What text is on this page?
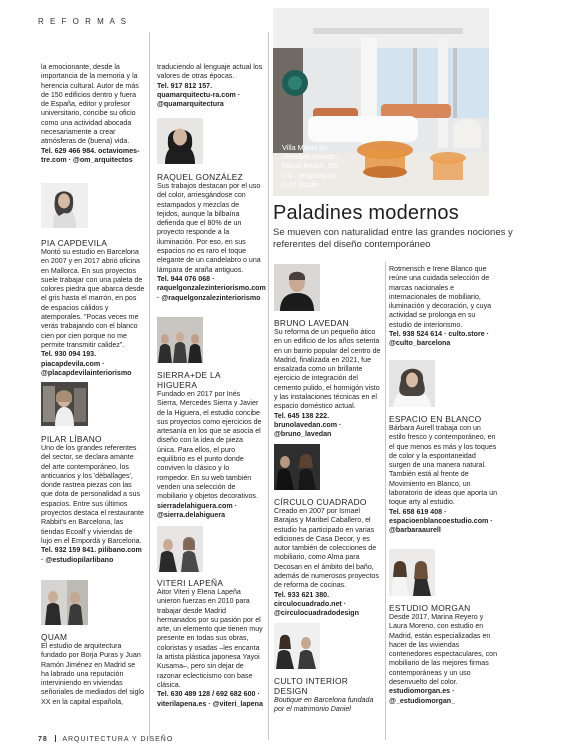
R E F O R M A S

la emocionante, desde la importancia de la memoria y la herencia cultural. Autor de más de 150 edificios dentro y fuera de España, editor y profesor universitario, concibe su oficio como una actividad abocada necesariamente a crear atmósferas de (buena) vida.

Tel. 629 466 984. octaviomes-tre.com · @om_arquitectos

PIA CAPDEVILA

Montó su estudio en Barcelona en 2007 y en 2017 abrió oficina en Mallorca. En sus proyectos suele trabajar con una paleta de colores piedra que abarca desde el gris hasta el marrón, en pos de espacios cálidos y atemporales. "Pocas veces me verás trabajando con el blanco cien por cien porque no me permite transmitir calidez".

Tel. 930 094 193. piacapdevila.com · @placapdevilainteriorismo

PILAR LÍBANO

Uno de los grandes referentes del sector, se declara amante del arte contemporáneo, los anticuarios y los 'dèballages', donde rastrea piezas con las que dota de personalidad a sus espacios. Entre sus últimos proyectos destaca el restaurante Rabbit's en Barcelona, las tiendas Ecoalf y viviendas de lujo en el Empordà y Barcelona.

Tel. 932 159 841. pilibano.com · @estudiopilarlibano

QUAM

El estudio de arquitectura fundado por Borja Puras y Juan Ramón Jiménez en Madrid se ha labrado una reputación interviniendo en viviendas señoriales de mediados del siglo XX en la capital española,

traduciendo al lenguaje actual los valores de otras épocas.

Tel. 917 812 157. quamarquitectu-ra.com · @quamarquitectura

RAQUEL GONZÁLEZ

Sus trabajos destacan por el uso del color, arriesgándose con estampados y mezclas de tejidos, aunque la bilbaína defienda que el 80% de un proyecto responde a la iluminación. Por eso, en sus espacios no es raro el toque elegante de un candelabro o una lámpara de araña antiguos.

Tel. 944 076 068 · raquelgonzalezinteriorismo.com · @raquelgonzalezinteriorismo

SIERRA+DE LA HIGUERA

Fundado en 2017 por Inés Sierra, Mercedes Sierra y Javier de la Higuera, el estudio concibe sus proyectos como ejercicios de artesanía en los que se asocia el diseño con la idea de pieza única. Para ellos, el puro equilibrio es el punto donde conviven lo clásico y lo rompedor. En su web también venden una selección de mobiliario y objetos decorativos.

sierradelahiguera.com · @sierra.delahiguera

VITERI LAPEÑA

Aitor Viteri y Elena Lapeña unieron fuerzas en 2010 para trabajar desde Madrid hermanados por su pasión por el arte, un elemento que tienen muy presente en todas sus obras, coloristas y osadas –les encanta la artista plástica japonesa Yayoi Kusama–, pero sin dejar de razonar eclecticismo con base clásica.

Tel. 630 489 128 / 692 682 600 · viterilapena.es · @viteri_lapena

Villa Miami en Venetian Islands, Miami Beach, EE. UU., proyecto de LUV Studio.
Paladines modernos
Se mueven con naturalidad entre las grandes nociones y referentes del diseño contemporáneo

BRUNO LAVEDAN

Su reforma de un pequeño ático en un edificio de los años setenta en un barrio popular del centro de Madrid, finalizada en 2021, fue ensalzada como un brillante ejercicio de integración del cemento pulido, el hormigón visto y las instalaciones técnicas en el espacio doméstico actual.

Tel. 645 138 222. brunolavedan.com · @bruno_lavedan

CÍRCULO CUADRADO

Creado en 2007 por Ismael Barajas y Maribel Caballero, el estudio ha participado en varias ediciones de Casa Decor, y es autor también de colecciones de mobiliario, como Alma para Decosan en el ámbito del baño, además de numerosos proyectos de reforma de cocinas.

Tel. 933 621 380. circulocuadrado.net · @circulocuadradodesign

CULTO INTERIOR DESIGN

Boutique en Barcelona fundada por el matrimonio Daniel

Rotmensch e Irene Blanco que reúne una cuidada selección de marcas nacionales e internacionales de mobiliario, iluminación y decoración, y cuya actividad se prolonga en su estudio de interiorismo.

Tel. 938 524 614 · culto.store · @culto_barcelona

ESPACIO EN BLANCO

Bárbara Aurell trabaja con un estilo fresco y contemporáneo, en el que menos es más y los toques de color y la espontaneidad surgen de una manera natural. También está al frente de Movimiento en Blanco, un laboratorio de ideas que aporta un toque arty al estudio.

Tel. 658 619 408 · espacioenblancoestudio.com · @barbaraaurell

ESTUDIO MORGAN

Desde 2017, Marina Reyero y Laura Moreno, con estudio en Madrid, están especializadas en hacer de las viviendas contenedores espectaculares, con mobiliario de las mejores firmas contemporáneas y un uso desenvuelto del color.

estudiomorgan.es · @_estudiomorgan_

78 ARQUITECTURA Y DISEÑO
